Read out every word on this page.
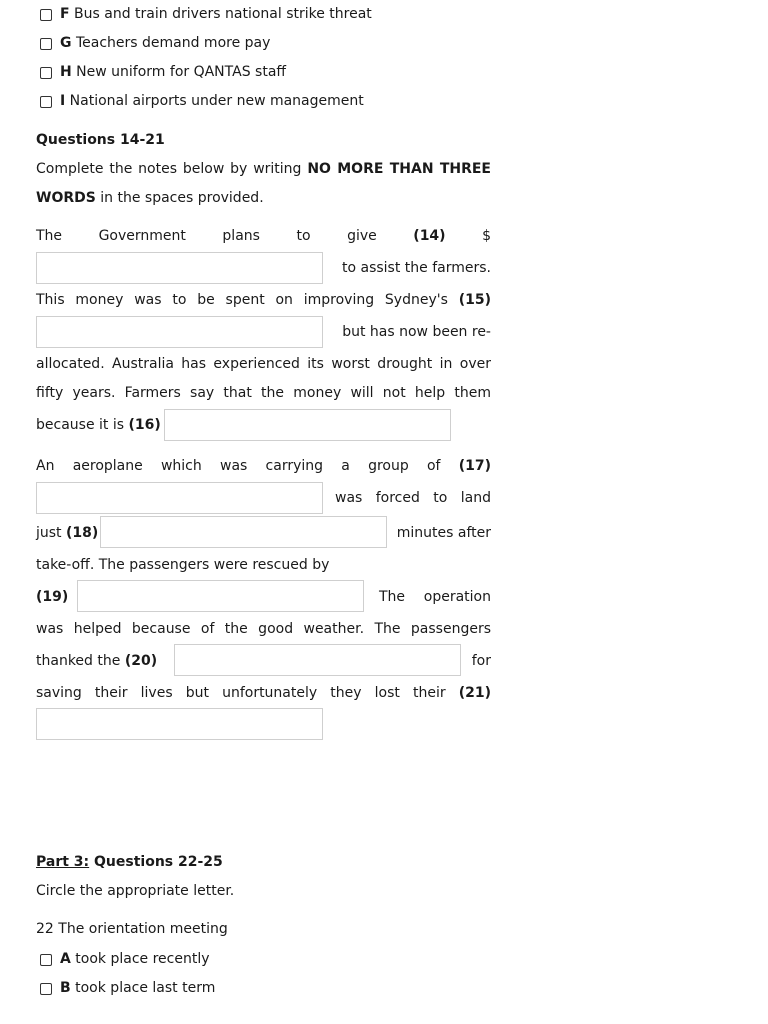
F Bus and train drivers national strike threat
G Teachers demand more pay
H New uniform for QANTAS staff
I National airports under new management
Questions 14-21
Complete the notes below by writing NO MORE THAN THREE
WORDS in the spaces provided.
The	Government	plans	to	give	(14)	$
to assist the farmers.
This money was to be spent on improving Sydney's (15)
but has now been re-
allocated. Australia has experienced its worst drought in over
fifty years. Farmers say that the money will not help them
because it is (16)
An aeroplane which was carrying a group of (17)
was forced to land
just (18)	minutes after
take-off. The passengers were rescued by
(19)	The operation
was helped because of the good weather. The passengers
thanked the (20)	for
saving their lives but unfortunately they lost their (21)
Part 3: Questions 22-25
Circle the appropriate letter.
22 The orientation meeting
A took place recently
B took place last term
